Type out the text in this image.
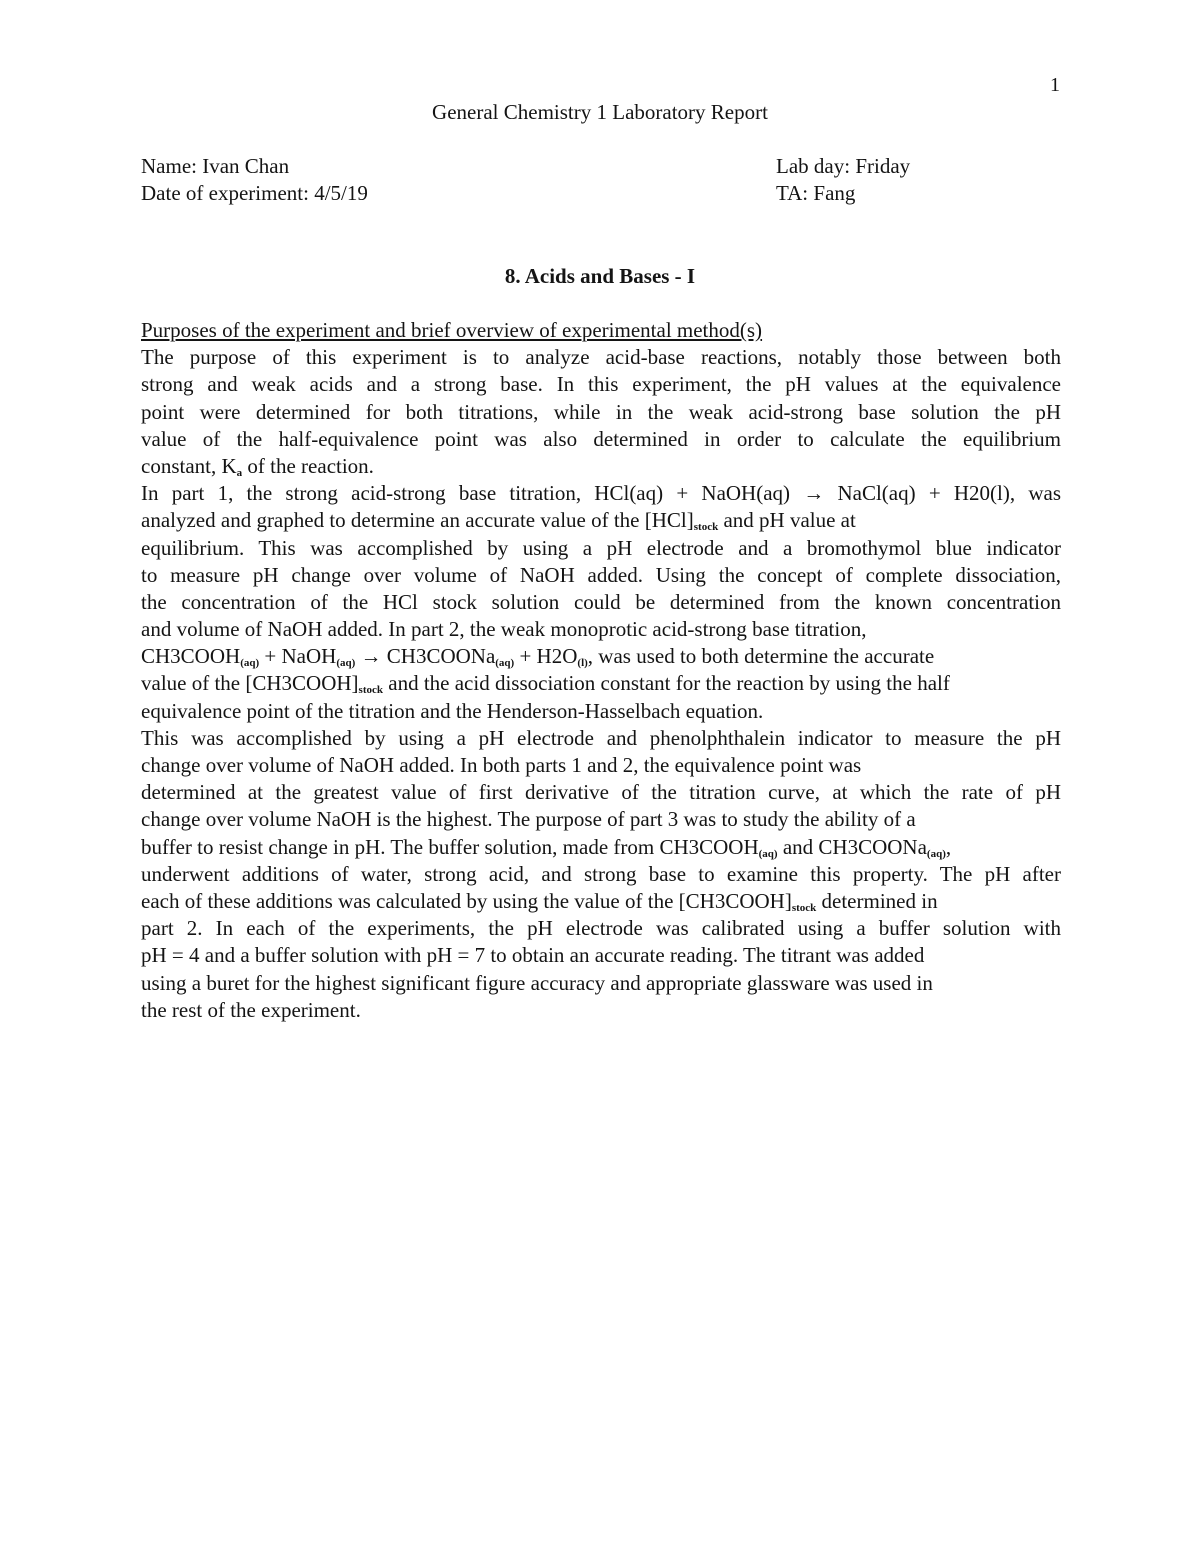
1
General Chemistry 1 Laboratory Report
Name: Ivan Chan	Lab day: Friday
Date of experiment: 4/5/19	TA: Fang
8. Acids and Bases - I
Purposes of the experiment and brief overview of experimental method(s)
The purpose of this experiment is to analyze acid-base reactions, notably those between both
strong and weak acids and a strong base. In this experiment, the pH values at the equivalence
point were determined for both titrations, while in the weak acid-strong base solution the pH
value of the half-equivalence point was also determined in order to calculate the equilibrium
constant, $K_a$ of the reaction.
In part 1, the strong acid-strong base titration, HCl(aq) + NaOH(aq) → NaCl(aq) + H20(l), was
analyzed and graphed to determine an accurate value of the $[HCl]_{stock}$ and pH value at
equilibrium. This was accomplished by using a pH electrode and a bromothymol blue indicator
to measure pH change over volume of NaOH added. Using the concept of complete dissociation,
the concentration of the HCl stock solution could be determined from the known concentration
and volume of NaOH added. In part 2, the weak monoprotic acid-strong base titration,
$CH3COOH_{(aq)}$ + NaOH$_{(aq)}$ → CH3COONa$_{(aq)}$ + $H2O_{(l)}$, was used to both determine the accurate
value of the $[CH3COOH]_{stock}$ and the acid dissociation constant for the reaction by using the half
equivalence point of the titration and the Henderson-Hasselbach equation.
This was accomplished by using a pH electrode and phenolphthalein indicator to measure the pH
change over volume of NaOH added. In both parts 1 and 2, the equivalence point was
determined at the greatest value of first derivative of the titration curve, at which the rate of pH
change over volume NaOH is the highest. The purpose of part 3 was to study the ability of a
buffer to resist change in pH. The buffer solution, made from $CH3COOH_{(aq)}$ and CH3COONa$_{(aq)}$,
underwent additions of water, strong acid, and strong base to examine this property. The pH after
each of these additions was calculated by using the value of the $[CH3COOH]_{stock}$ determined in
part 2. In each of the experiments, the pH electrode was calibrated using a buffer solution with
pH = 4 and a buffer solution with pH = 7 to obtain an accurate reading. The titrant was added
using a buret for the highest significant figure accuracy and appropriate glassware was used in
the rest of the experiment.
